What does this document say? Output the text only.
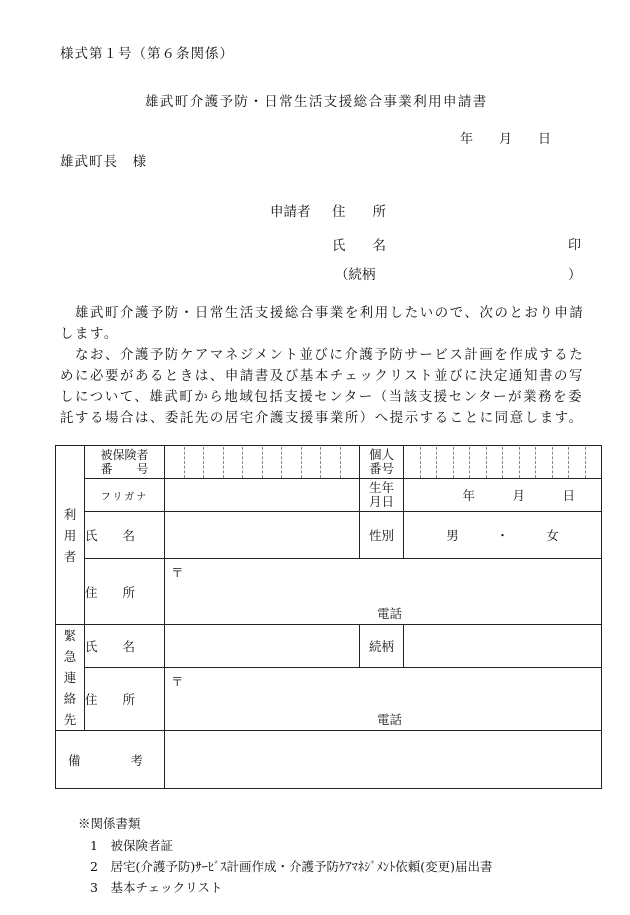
様式第１号（第６条関係）
雄武町介護予防・日常生活支援総合事業利用申請書
年　　月　　日
雄武町長　様
申請者 住　　所
氏　　名	印
（続柄	）
　雄武町介護予防・日常生活支援総合事業を利用したいので、次のとおり申請します。
　なお、介護予防ケアマネジメント並びに介護予防サービス計画を作成するために必要があるときは、申請書及び基本チェックリスト並びに決定通知書の写しについて、雄武町から地域包括支援センター（当該支援センターが業務を委託する場合は、委託先の居宅介護支援事業所）へ提示することに同意します。
利用者	被保険者番　　号		個人番号	

	フリガナ		生年月日	年　　　月　　　日
	氏　　名		性別	男　　　・　　　女
	住　　所	〒
電話		

緊急連絡先	氏　　名		続柄	
	住　　所	〒
電話		

備　　　　考				
※関係書類
1　被保険者証
2　居宅(介護予防)ｻｰﾋﾞｽ計画作成・介護予防ｹｱﾏﾈｼﾞﾒﾝﾄ依頼(変更)届出書
3　基本チェックリスト
